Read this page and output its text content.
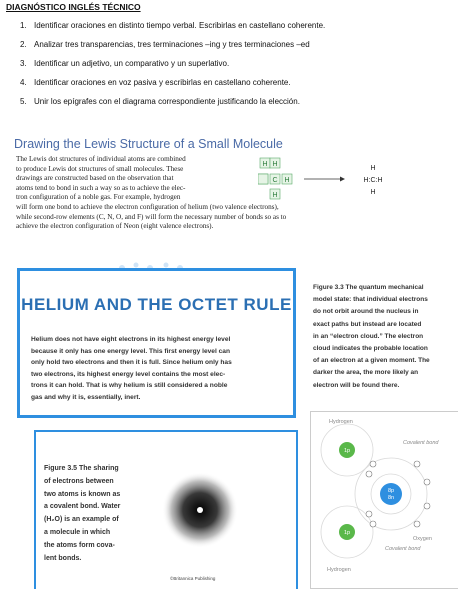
DIAGNÓSTICO INGLÉS TÉCNICO
1. Identificar oraciones en distinto tiempo verbal. Escribirlas en castellano coherente.
2. Analizar tres transparencias, tres terminaciones –ing y tres terminaciones –ed
3. Identificar un adjetivo, un comparativo y un superlativo.
4. Identificar oraciones en voz pasiva y escribirlas en castellano coherente.
5. Unir los epígrafes con el diagrama correspondiente justificando la elección.
Drawing the Lewis Structure of a Small Molecule
The Lewis dot structures of individual atoms are combined
to produce Lewis dot structures of small molecules. These
drawings are constructed based on the observation that
atoms tend to bond in such a way so as to achieve the elec-
tron configuration of a noble gas. For example, hydrogen
will form one bond to achieve the electron configuration of helium (two valence electrons),
while second-row elements (C, N, O, and F) will form the necessary number of bonds so as to
achieve the electron configuration of Neon (eight valence electrons).
H
C H
H
H
H
H:C:H
H
HELIUM AND THE OCTET RULE
Helium does not have eight electrons in its highest energy level
because it only has one energy level. This first energy level can
only hold two electrons and then it is full. Since helium only has
two electrons, its highest energy level contains the most elec-
trons it can hold. That is why helium is still considered a noble
gas and why it is, essentially, inert.
Figure 3.3 The quantum mechanical
model state: that individual electrons
do not orbit around the nucleus in
exact paths but instead are located
in an “electron cloud.” The electron
cloud indicates the probable location
of an electron at a given moment. The
darker the area, the more likely an
electron will be found there.
Hydrogen
Covalent bond
1p
8p
8n
1p
Oxygen
Covalent bond
Hydrogen
Figure 3.5 The sharing
of electrons between
two atoms is known as
a covalent bond. Water
(H₂O) is an example of
a molecule in which
the atoms form cova-
lent bonds.
©Britannica Publishing
